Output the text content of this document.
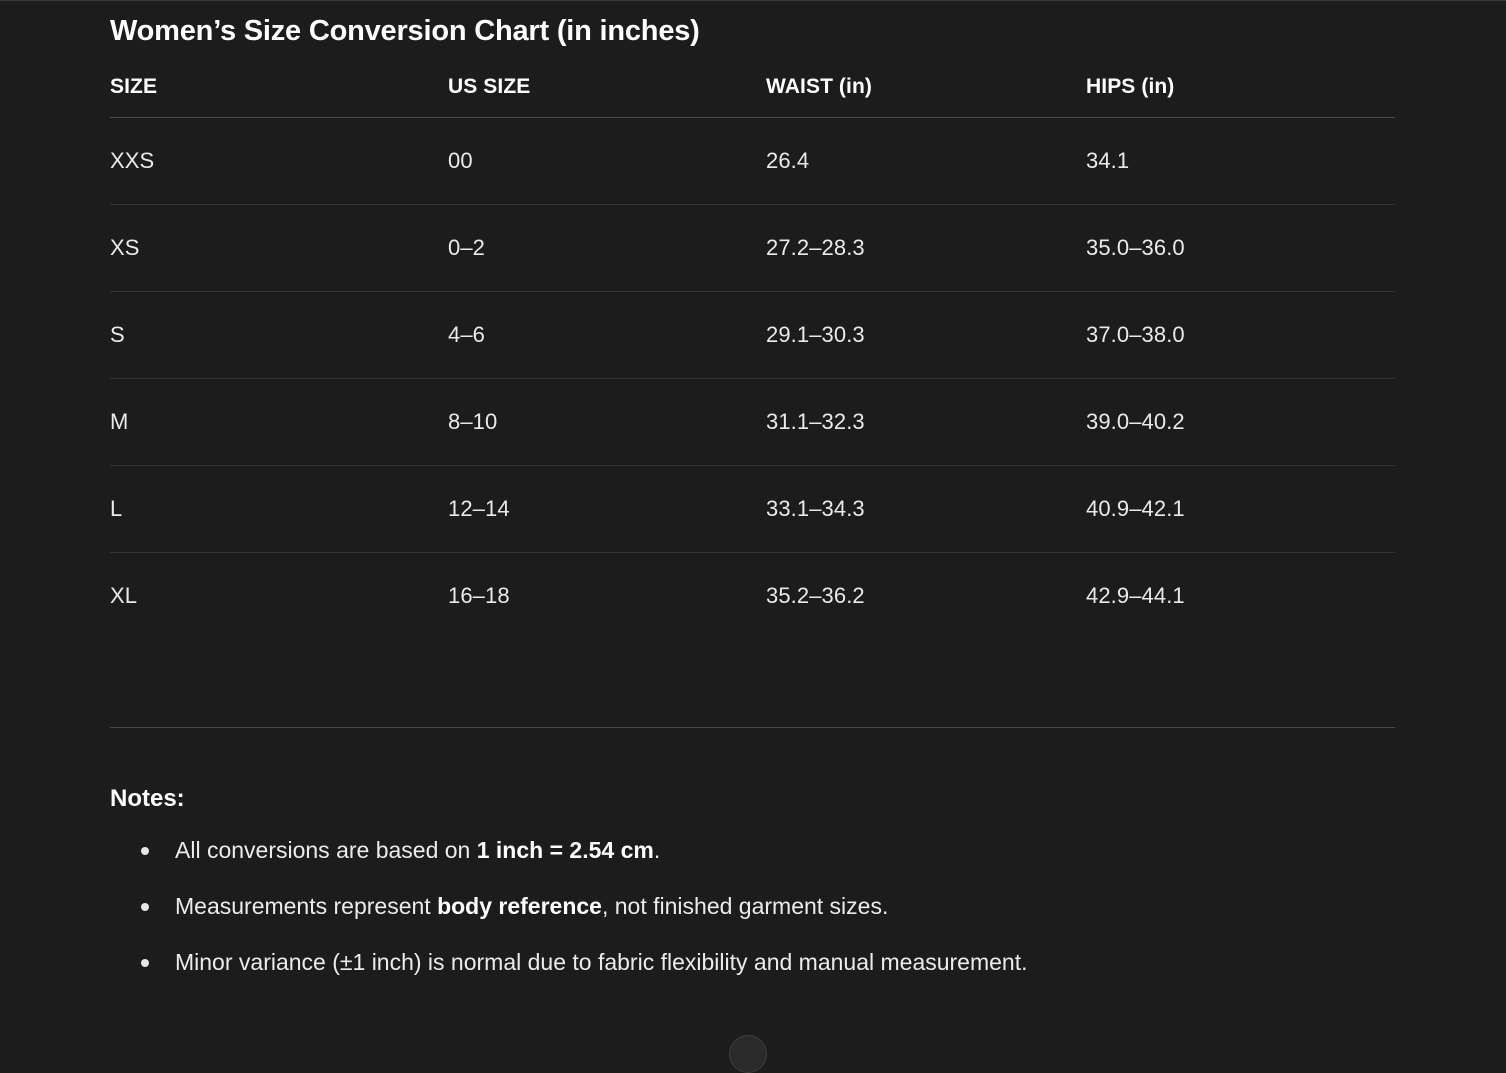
Women’s Size Conversion Chart (in inches)
SIZE	US SIZE	WAIST (in)	HIPS (in)
XXS	00	26.4	34.1
XS	0–2	27.2–28.3	35.0–36.0
S	4–6	29.1–30.3	37.0–38.0
M	8–10	31.1–32.3	39.0–40.2
L	12–14	33.1–34.3	40.9–42.1
XL	16–18	35.2–36.2	42.9–44.1
Notes:
All conversions are based on 1 inch = 2.54 cm.
Measurements represent body reference, not finished garment sizes.
Minor variance (±1 inch) is normal due to fabric flexibility and manual measurement.
